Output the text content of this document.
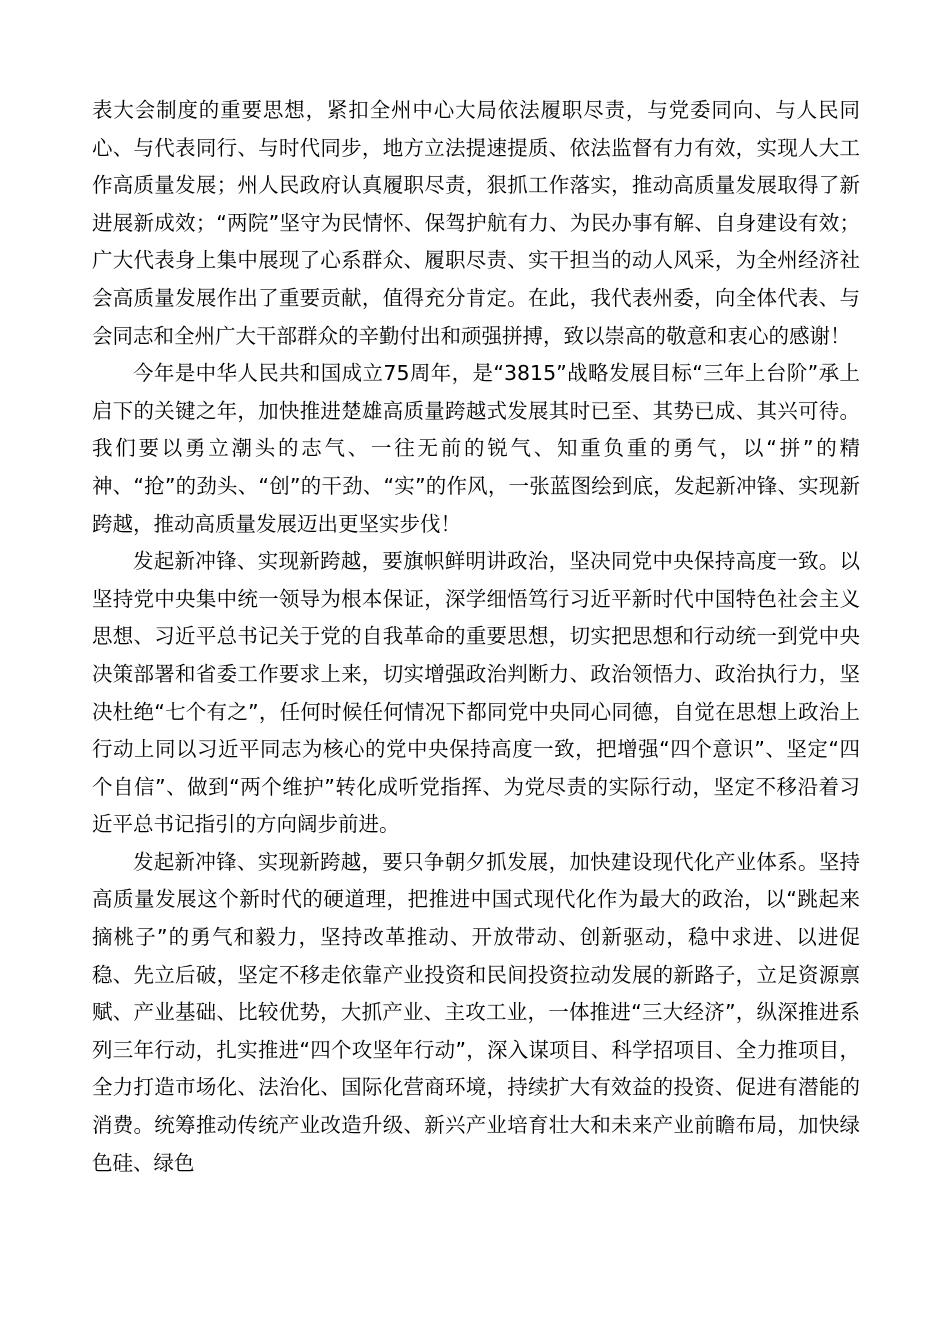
表大会制度的重要思想，紧扣全州中心大局依法履职尽责，与党委同向、与人民同心、与代表同行、与时代同步，地方立法提速提质、依法监督有力有效，实现人大工作高质量发展；州人民政府认真履职尽责，狠抓工作落实，推动高质量发展取得了新进展新成效；“两院”坚守为民情怀、保驾护航有力、为民办事有解、自身建设有效；广大代表身上集中展现了心系群众、履职尽责、实干担当的动人风采，为全州经济社会高质量发展作出了重要贡献，值得充分肯定。在此，我代表州委，向全体代表、与会同志和全州广大干部群众的辛勤付出和顽强拼搏，致以崇高的敬意和衷心的感谢！

今年是中华人民共和国成立75周年，是“3815”战略发展目标“三年上台阶”承上启下的关键之年，加快推进楚雄高质量跨越式发展其时已至、其势已成、其兴可待。我们要以勇立潮头的志气、一往无前的锐气、知重负重的勇气，以“拼”的精神、“抢”的劲头、“创”的干劲、“实”的作风，一张蓝图绘到底，发起新冲锋、实现新跨越，推动高质量发展迈出更坚实步伐！

发起新冲锋、实现新跨越，要旗帜鲜明讲政治，坚决同党中央保持高度一致。以坚持党中央集中统一领导为根本保证，深学细悟笃行习近平新时代中国特色社会主义思想、习近平总书记关于党的自我革命的重要思想，切实把思想和行动统一到党中央决策部署和省委工作要求上来，切实增强政治判断力、政治领悟力、政治执行力，坚决杜绝“七个有之”，任何时候任何情况下都同党中央同心同德，自觉在思想上政治上行动上同以习近平同志为核心的党中央保持高度一致，把增强“四个意识”、坚定“四个自信”、做到“两个维护”转化成听党指挥、为党尽责的实际行动，坚定不移沿着习近平总书记指引的方向阔步前进。

发起新冲锋、实现新跨越，要只争朝夕抓发展，加快建设现代化产业体系。坚持高质量发展这个新时代的硬道理，把推进中国式现代化作为最大的政治，以“跳起来摘桃子”的勇气和毅力，坚持改革推动、开放带动、创新驱动，稳中求进、以进促稳、先立后破，坚定不移走依靠产业投资和民间投资拉动发展的新路子，立足资源禀赋、产业基础、比较优势，大抓产业、主攻工业，一体推进“三大经济”，纵深推进系列三年行动，扎实推进“四个攻坚年行动”，深入谋项目、科学招项目、全力推项目，全力打造市场化、法治化、国际化营商环境，持续扩大有效益的投资、促进有潜能的消费。统筹推动传统产业改造升级、新兴产业培育壮大和未来产业前瞻布局，加快绿色硅、绿色
